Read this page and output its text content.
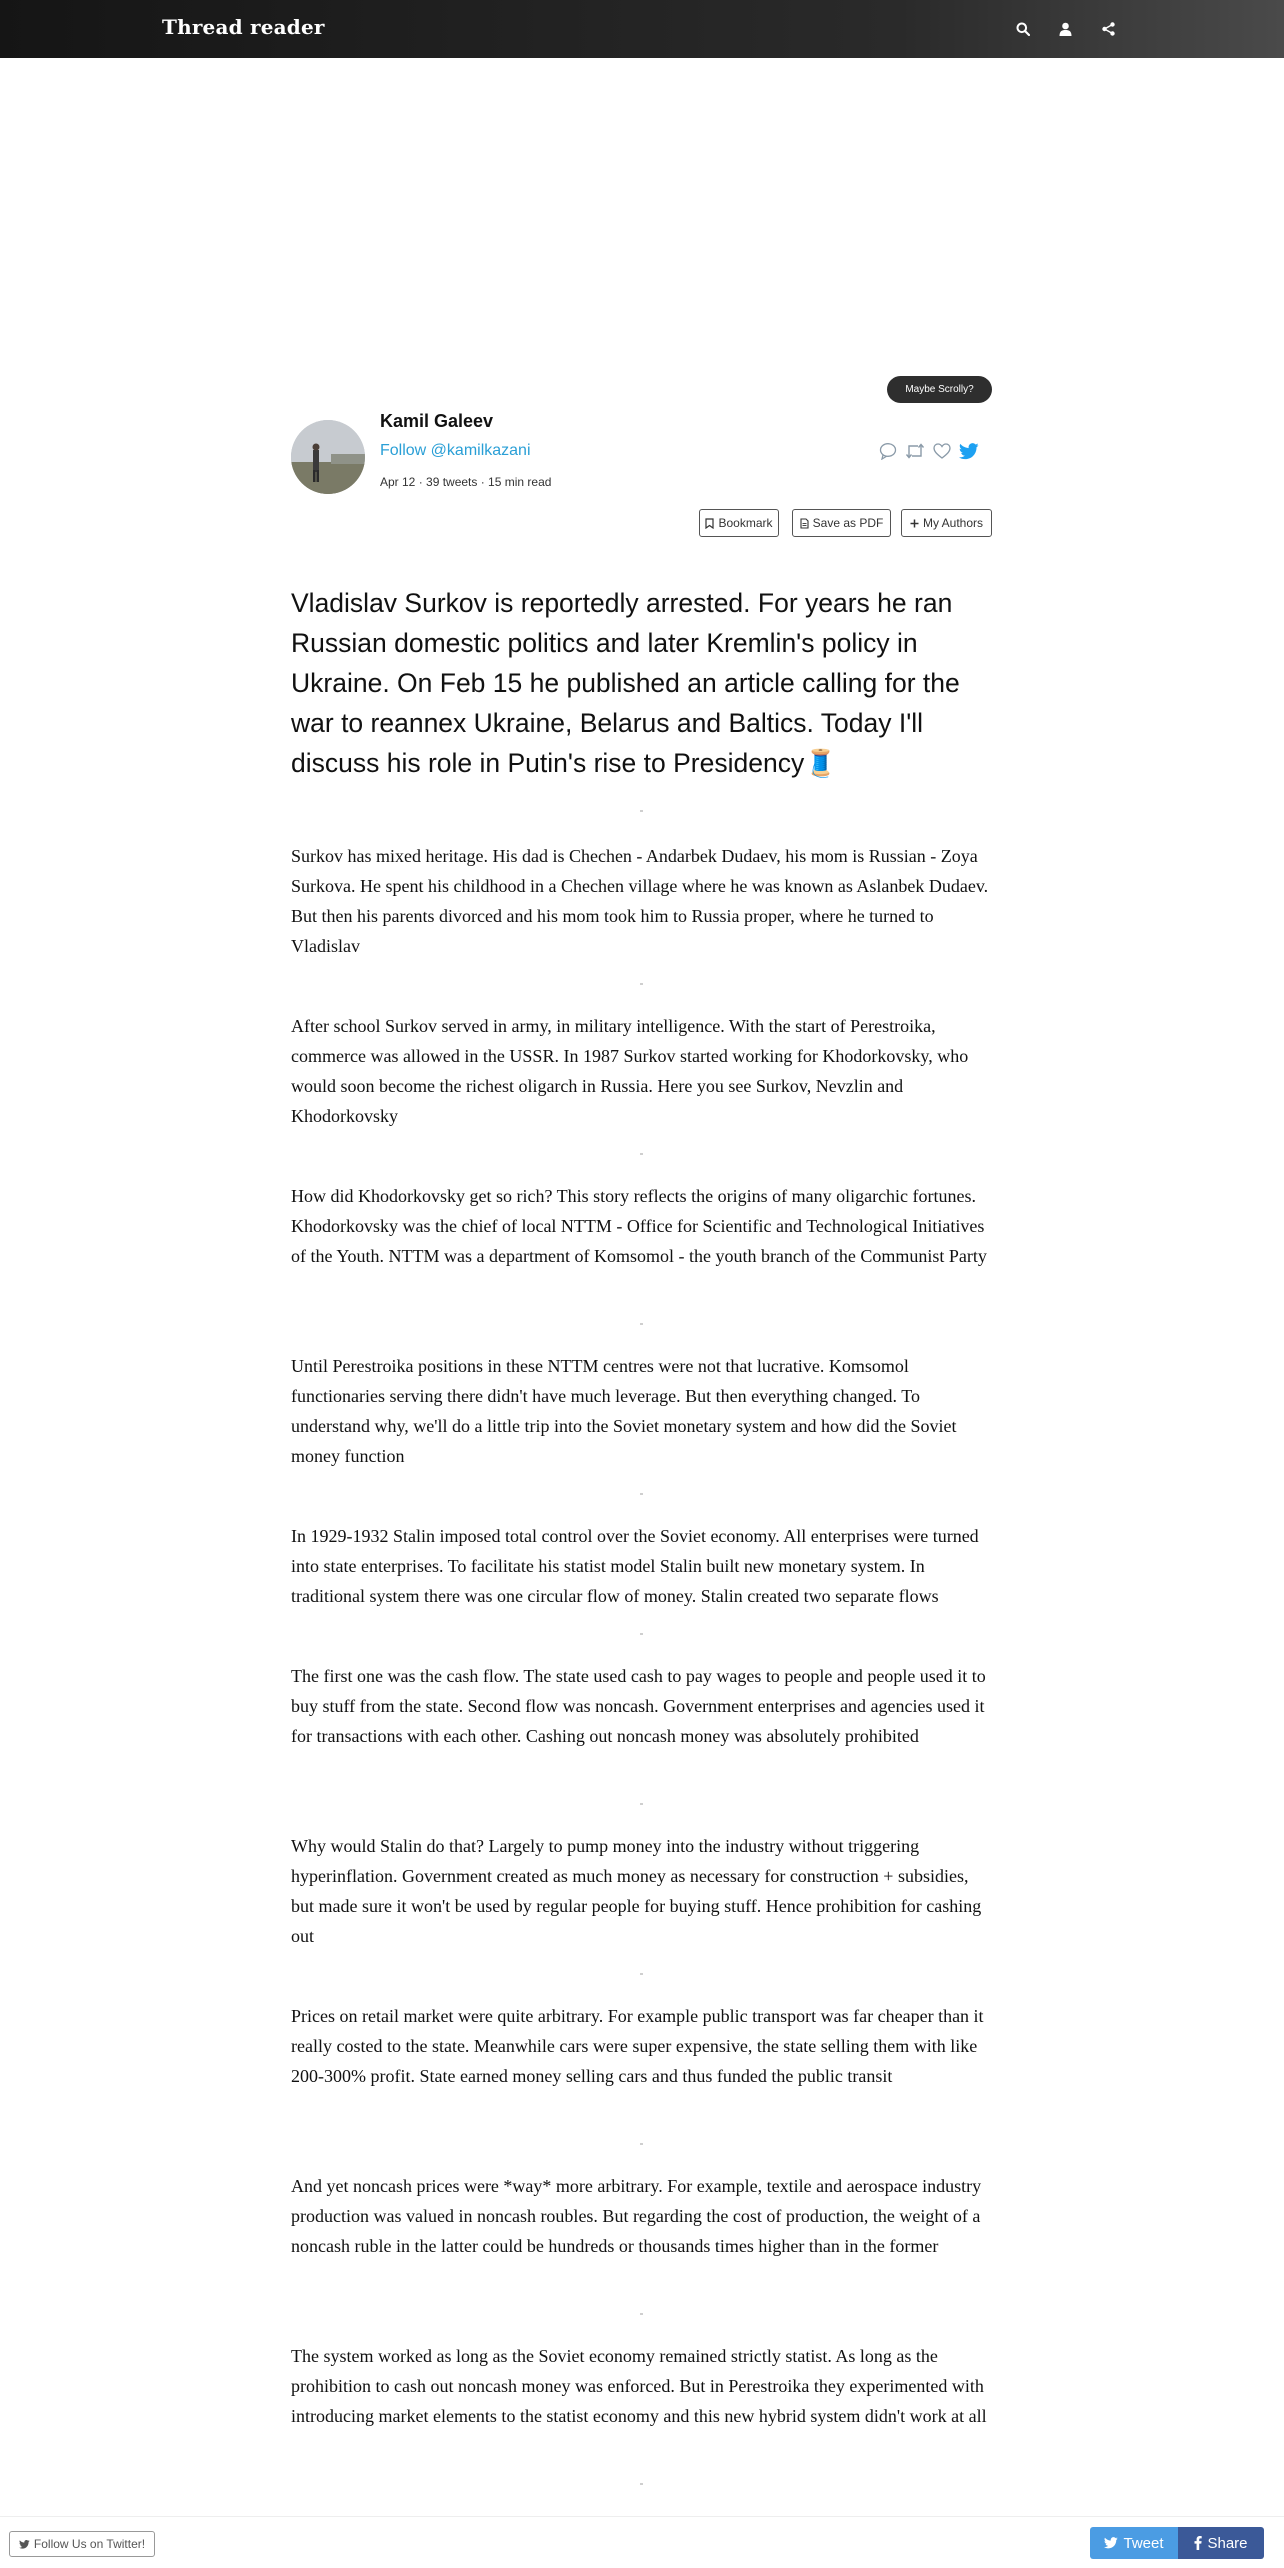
Thread reader
Maybe Scrolly?
Kamil Galeev
Follow @kamilkazani
Apr 12 · 39 tweets · 15 min read
Bookmark	Save as PDF	My Authors
Vladislav Surkov is reportedly arrested. For years he ran Russian domestic politics and later Kremlin's policy in Ukraine. On Feb 15 he published an article calling for the war to reannex Ukraine, Belarus and Baltics. Today I'll discuss his role in Putin's rise to Presidency🧵
Surkov has mixed heritage. His dad is Chechen - Andarbek Dudaev, his mom is Russian - Zoya Surkova. He spent his childhood in a Chechen village where he was known as Aslanbek Dudaev. But then his parents divorced and his mom took him to Russia proper, where he turned to Vladislav
After school Surkov served in army, in military intelligence. With the start of Perestroika, commerce was allowed in the USSR. In 1987 Surkov started working for Khodorkovsky, who would soon become the richest oligarch in Russia. Here you see Surkov, Nevzlin and Khodorkovsky
How did Khodorkovsky get so rich? This story reflects the origins of many oligarchic fortunes. Khodorkovsky was the chief of local NTTM - Office for Scientific and Technological Initiatives of the Youth. NTTM was a department of Komsomol - the youth branch of the Communist Party
Until Perestroika positions in these NTTM centres were not that lucrative. Komsomol functionaries serving there didn't have much leverage. But then everything changed. To understand why, we'll do a little trip into the Soviet monetary system and how did the Soviet money function
In 1929-1932 Stalin imposed total control over the Soviet economy. All enterprises were turned into state enterprises. To facilitate his statist model Stalin built new monetary system. In traditional system there was one circular flow of money. Stalin created two separate flows
The first one was the cash flow. The state used cash to pay wages to people and people used it to buy stuff from the state. Second flow was noncash. Government enterprises and agencies used it for transactions with each other. Cashing out noncash money was absolutely prohibited
Why would Stalin do that? Largely to pump money into the industry without triggering hyperinflation. Government created as much money as necessary for construction + subsidies, but made sure it won't be used by regular people for buying stuff. Hence prohibition for cashing out
Prices on retail market were quite arbitrary. For example public transport was far cheaper than it really costed to the state. Meanwhile cars were super expensive, the state selling them with like 200-300% profit. State earned money selling cars and thus funded the public transit
And yet noncash prices were *way* more arbitrary. For example, textile and aerospace industry production was valued in noncash roubles. But regarding the cost of production, the weight of a noncash ruble in the latter could be hundreds or thousands times higher than in the former
The system worked as long as the Soviet economy remained strictly statist. As long as the prohibition to cash out noncash money was enforced. But in Perestroika they experimented with introducing market elements to the statist economy and this new hybrid system didn't work at all
Follow Us on Twitter!	Tweet	Share
